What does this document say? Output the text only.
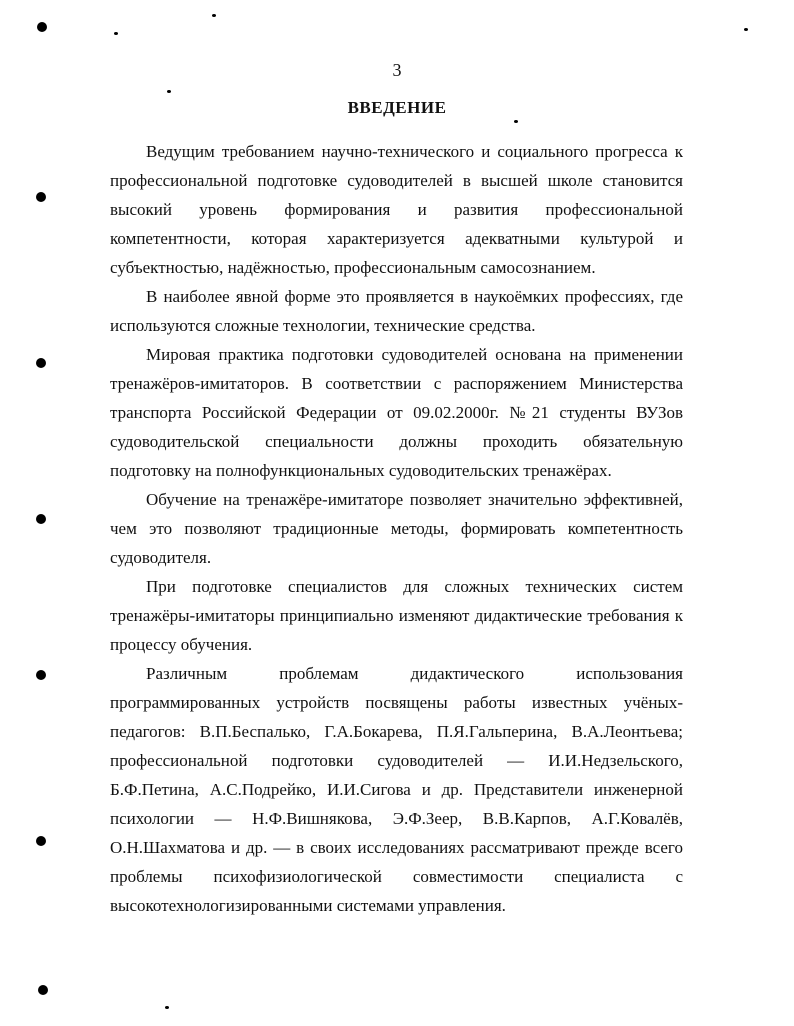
3
ВВЕДЕНИЕ

Ведущим требованием научно-технического и социального прогресса к
профессиональной подготовке судоводителей в высшей школе становится
высокий уровень формирования и развития профессиональной
компетентности, которая характеризуется адекватными культурой и
субъектностью, надёжностью, профессиональным самосознанием.

В наиболее явной форме это проявляется в наукоёмких профессиях, где
используются сложные технологии, технические средства.

Мировая практика подготовки судоводителей основана на применении
тренажёров-имитаторов. В соответствии с распоряжением Министерства
транспорта Российской Федерации от 09.02.2000г. №21 студенты ВУЗов
судоводительской специальности должны проходить обязательную
подготовку на полнофункциональных судоводительских тренажёрах.

Обучение на тренажёре-имитаторе позволяет значительно эффективней,
чем это позволяют традиционные методы, формировать компетентность
судоводителя.

При подготовке специалистов для сложных технических систем
тренажёры-имитаторы принципиально изменяют дидактические требования к
процессу обучения.

Различным проблемам дидактического использования
программированных устройств посвящены работы известных учёных-
педагогов: В.П.Беспалько, Г.А.Бокарева, П.Я.Гальперина, В.А.Леонтьева;
профессиональной подготовки судоводителей — И.И.Недзельского,
Б.Ф.Петина, А.С.Подрейко, И.И.Сигова и др. Представители инженерной
психологии — Н.Ф.Вишнякова, Э.Ф.Зеер, В.В.Карпов, А.Г.Ковалёв,
О.Н.Шахматова и др. — в своих исследованиях рассматривают прежде всего
проблемы психофизиологической совместимости специалиста с
высокотехнологизированными системами управления.
